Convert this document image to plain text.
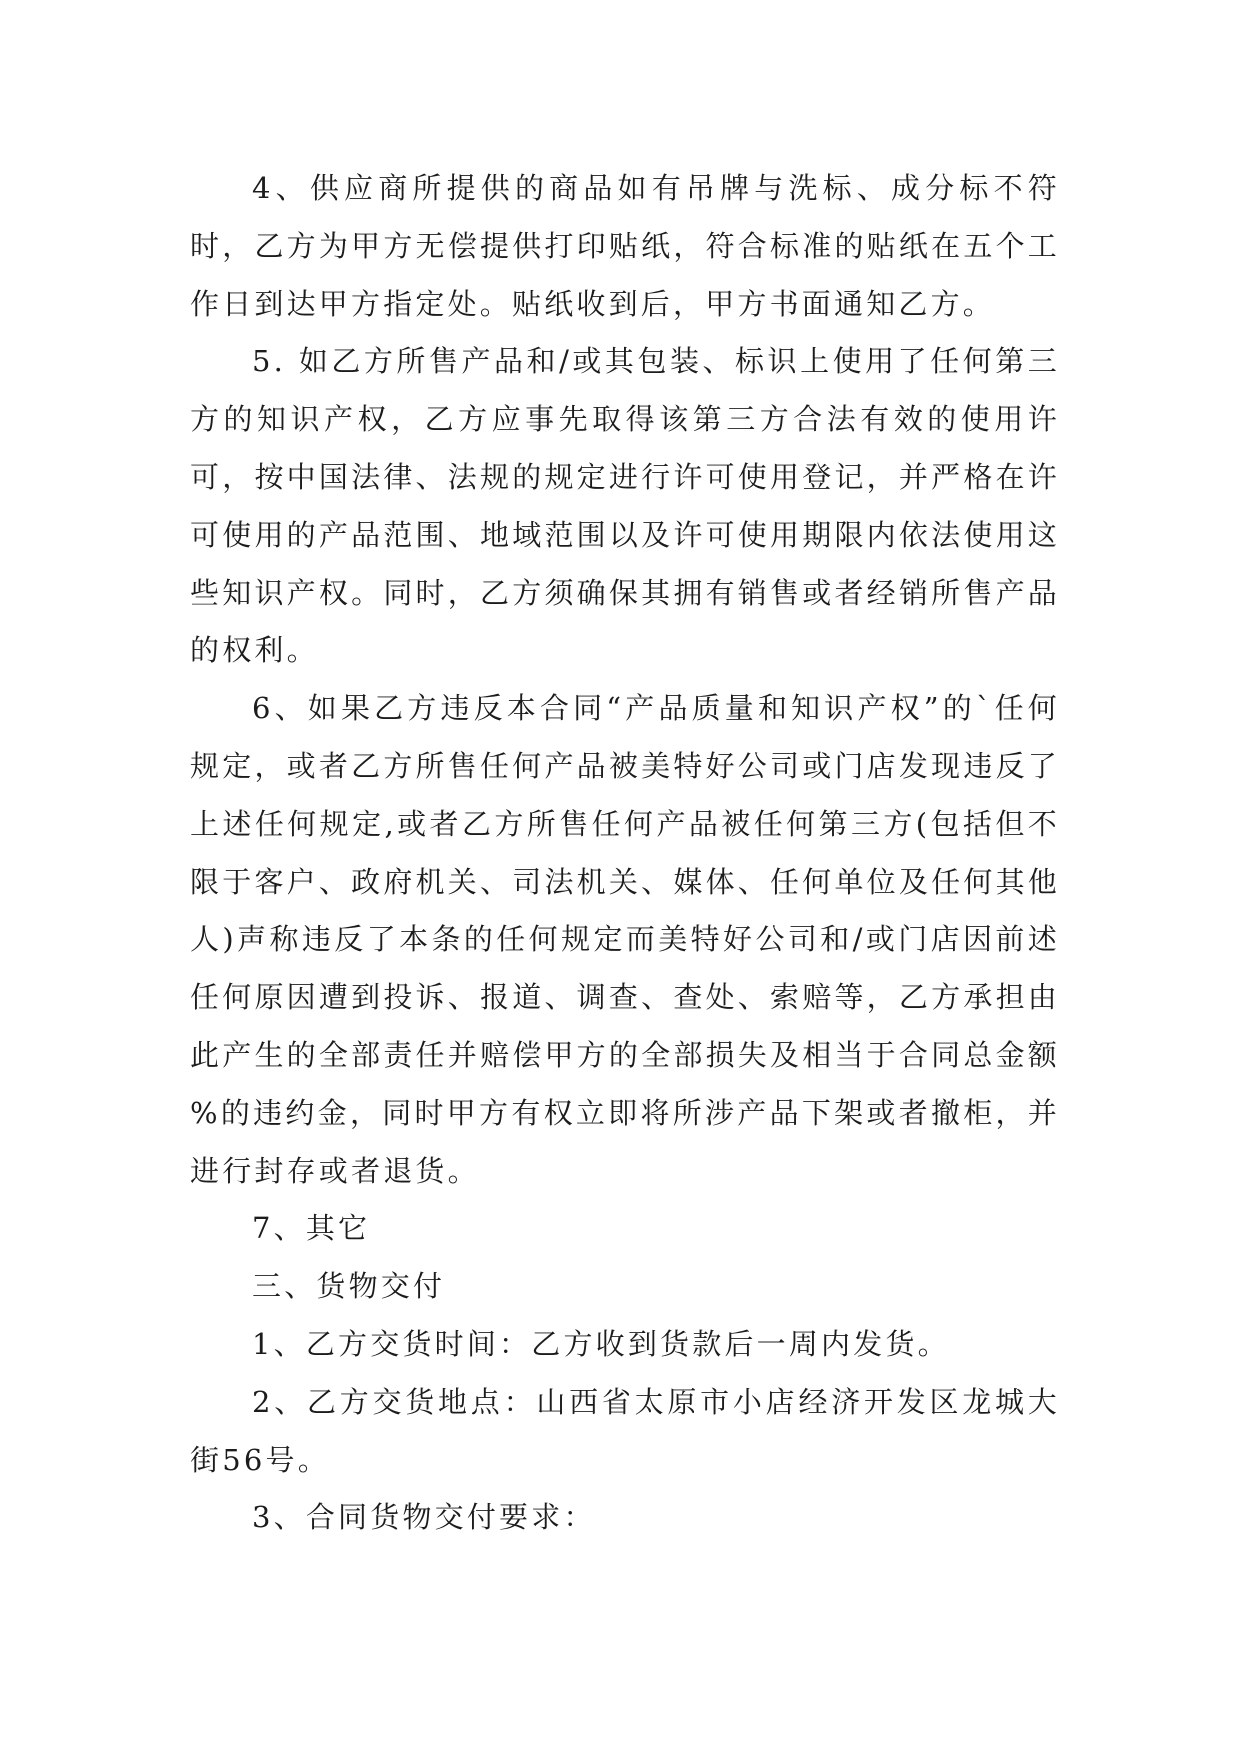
4、供应商所提供的商品如有吊牌与洗标、成分标不符时，乙方为甲方无偿提供打印贴纸，符合标准的贴纸在五个工作日到达甲方指定处。贴纸收到后，甲方书面通知乙方。

5. 如乙方所售产品和/或其包装、标识上使用了任何第三方的知识产权，乙方应事先取得该第三方合法有效的使用许可，按中国法律、法规的规定进行许可使用登记，并严格在许可使用的产品范围、地域范围以及许可使用期限内依法使用这些知识产权。同时，乙方须确保其拥有销售或者经销所售产品的权利。

6、如果乙方违反本合同“产品质量和知识产权”的`任何规定，或者乙方所售任何产品被美特好公司或门店发现违反了上述任何规定,或者乙方所售任何产品被任何第三方(包括但不限于客户、政府机关、司法机关、媒体、任何单位及任何其他人)声称违反了本条的任何规定而美特好公司和/或门店因前述任何原因遭到投诉、报道、调查、查处、索赔等，乙方承担由此产生的全部责任并赔偿甲方的全部损失及相当于合同总金额 %的违约金，同时甲方有权立即将所涉产品下架或者撤柜，并进行封存或者退货。

7、其它

三、货物交付

1、乙方交货时间：乙方收到货款后一周内发货。

2、乙方交货地点：山西省太原市小店经济开发区龙城大街56号。

3、合同货物交付要求：
